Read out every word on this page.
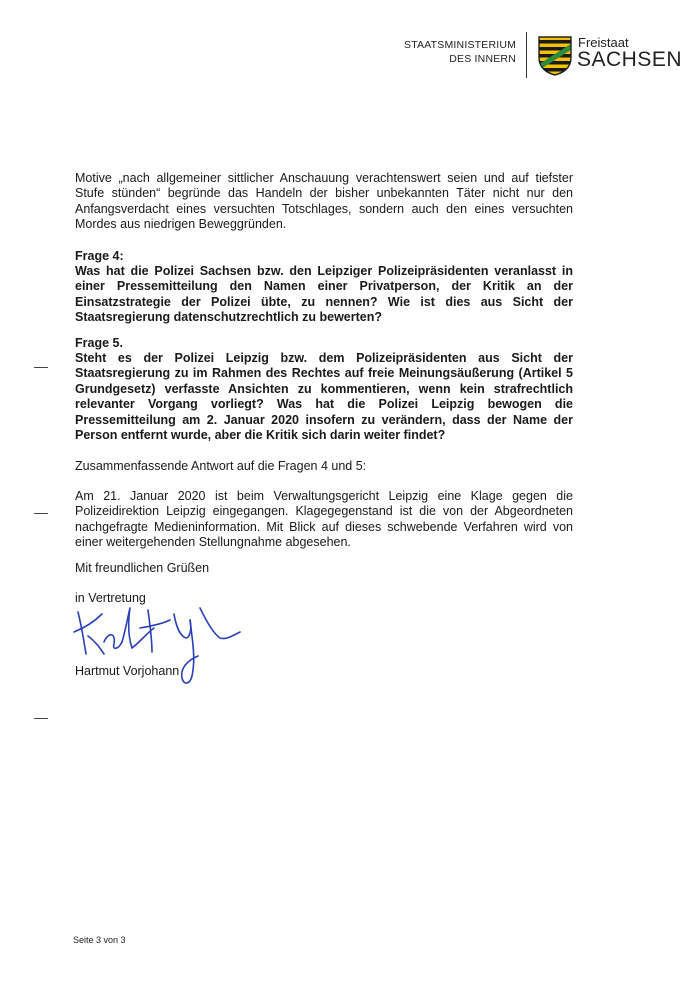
STAATSMINISTERIUM
DES INNERN
Freistaat
SACHSEN
Motive „nach allgemeiner sittlicher Anschauung verachtenswert seien und auf tiefster Stufe stünden“ begründe das Handeln der bisher unbekannten Täter nicht nur den Anfangsverdacht eines versuchten Totschlages, sondern auch den eines versuchten Mordes aus niedrigen Beweggründen.
Frage 4:
Was hat die Polizei Sachsen bzw. den Leipziger Polizeipräsidenten veranlasst in einer Pressemitteilung den Namen einer Privatperson, der Kritik an der Einsatzstrategie der Polizei übte, zu nennen? Wie ist dies aus Sicht der Staatsregierung datenschutzrechtlich zu bewerten?
Frage 5.
Steht es der Polizei Leipzig bzw. dem Polizeipräsidenten aus Sicht der Staatsregierung zu im Rahmen des Rechtes auf freie Meinungsäußerung (Artikel 5 Grundgesetz) verfasste Ansichten zu kommentieren, wenn kein strafrechtlich relevanter Vorgang vorliegt? Was hat die Polizei Leipzig bewogen die Pressemitteilung am 2. Januar 2020 insofern zu verändern, dass der Name der Person entfernt wurde, aber die Kritik sich darin weiter findet?
Zusammenfassende Antwort auf die Fragen 4 und 5:
Am 21. Januar 2020 ist beim Verwaltungsgericht Leipzig eine Klage gegen die Polizeidirektion Leipzig eingegangen. Klagegegenstand ist die von der Abgeordneten nachgefragte Medieninformation. Mit Blick auf dieses schwebende Verfahren wird von einer weitergehenden Stellungnahme abgesehen.
Mit freundlichen Grüßen
in Vertretung
Hartmut Vorjohann
Seite 3 von 3
